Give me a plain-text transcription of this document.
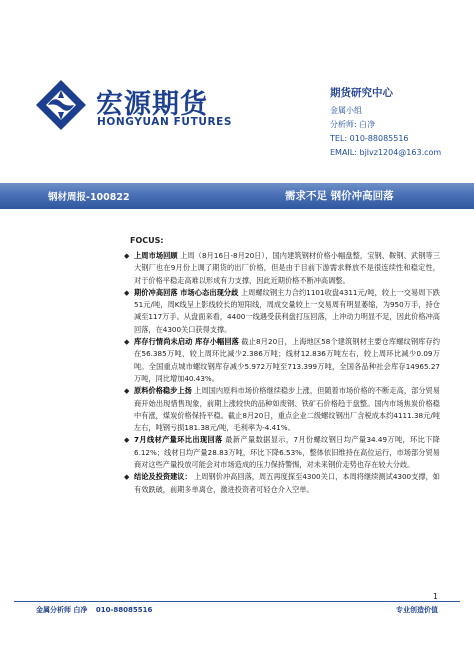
宏源期货
HONGYUAN FUTURES
期货研究中心
金属小组
分析师: 白净
TEL: 010-88085516
EMAIL: bjlvz1204@163.com
钢材周报-100822	需求不足 钢价冲高回落
FOCUS:
◆ 上周市场回顾 上周（8月16日-8月20日），国内建筑钢材价格小幅盘整，宝钢、鞍钢、武钢等三大钢厂也在9月份上调了期货的出厂价格，但是由于目前下游需求释放不是很连续性和稳定性，对于价格平稳走高难以形成有力支撑，因此近期价格不断冲高调整。
◆ 期价冲高回落 市场心态出现分歧 上周螺纹钢主力合约1101收盘4311元/吨，较上一交易周下跌51元/吨，周K线呈上影线较长的短阳线，周成交量较上一交易周有明显萎缩，为950万手，持仓减至117万手。从盘面来看，4400一线遇受获利盘打压回落，上冲动力明显不足，因此价格冲高回落，在4300关口获得支撑。
◆ 库存行情尚未启动 库存小幅回落 截止8月20日，上海地区58个建筑钢材主要仓库螺纹钢库存约在56.385万吨，较上周环比减少2.386万吨；线材12.836万吨左右，较上周环比减少0.09万吨。全国重点城市螺纹钢库存减少5.972万吨至713.399万吨，全国各品种社会库存14965.27万吨，同比增加40.43%。
◆ 原料价格稳步上扬 上周国内原料市场价格继续稳步上涨，但随着市场价格的不断走高，部分贸易商开始出现惜售现象，前期上涨较快的品种如废钢、铁矿石价格趋于盘整。国内市场焦炭价格稳中有涨，煤炭价格保持平稳。截止8月20日，重点企业二级螺纹钢出厂含税成本约4111.38元/吨左右，吨钢亏损181.38元/吨，毛利率为-4.41%。
◆ 7月线材产量环比出现回落 最新产量数据显示，7月份螺纹钢日均产量34.49万吨，环比下降6.12%；线材日均产量28.83万吨，环比下降6.53%，整体依旧维持在高位运行，市场部分贸易商对这些产量投放可能会对市场造成的压力保持警惕，对未来钢价走势也存在较大分歧。
◆ 结论及投资建议： 上周钢价冲高回落，周五再度探至4300关口，本周将继续测试4300支撑，如有效跌破，前期多单离仓，激进投资者可轻仓介入空单。
1
金属分析师 白净 010-88085516	专业创造价值
